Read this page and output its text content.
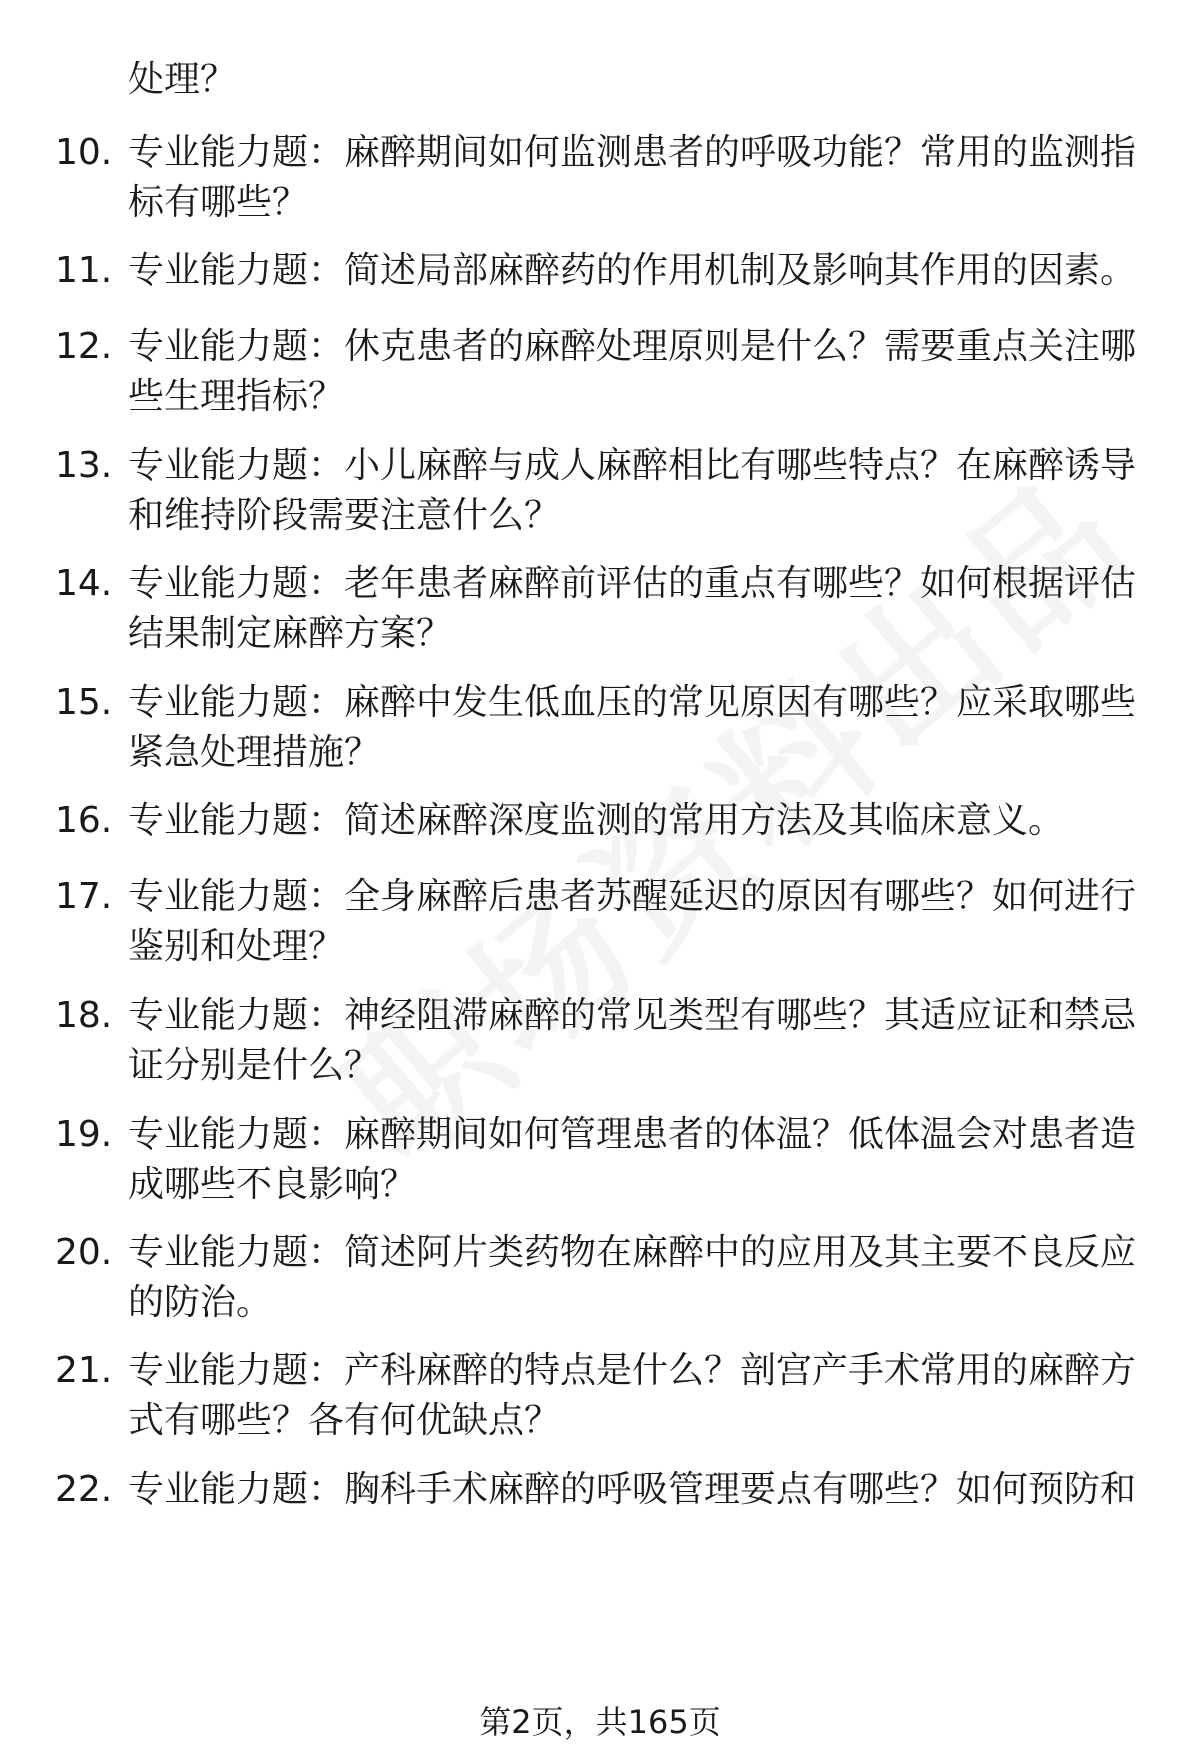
处理？
10. 专业能力题：麻醉期间如何监测患者的呼吸功能？常用的监测指标有哪些？
11. 专业能力题：简述局部麻醉药的作用机制及影响其作用的因素。
12. 专业能力题：休克患者的麻醉处理原则是什么？需要重点关注哪些生理指标？
13. 专业能力题：小儿麻醉与成人麻醉相比有哪些特点？在麻醉诱导和维持阶段需要注意什么？
14. 专业能力题：老年患者麻醉前评估的重点有哪些？如何根据评估结果制定麻醉方案？
15. 专业能力题：麻醉中发生低血压的常见原因有哪些？应采取哪些紧急处理措施？
16. 专业能力题：简述麻醉深度监测的常用方法及其临床意义。
17. 专业能力题：全身麻醉后患者苏醒延迟的原因有哪些？如何进行鉴别和处理？
18. 专业能力题：神经阻滞麻醉的常见类型有哪些？其适应证和禁忌证分别是什么？
19. 专业能力题：麻醉期间如何管理患者的体温？低体温会对患者造成哪些不良影响？
20. 专业能力题：简述阿片类药物在麻醉中的应用及其主要不良反应的防治。
21. 专业能力题：产科麻醉的特点是什么？剖宫产手术常用的麻醉方式有哪些？各有何优缺点？
22. 专业能力题：胸科手术麻醉的呼吸管理要点有哪些？如何预防和
第2页，共165页
